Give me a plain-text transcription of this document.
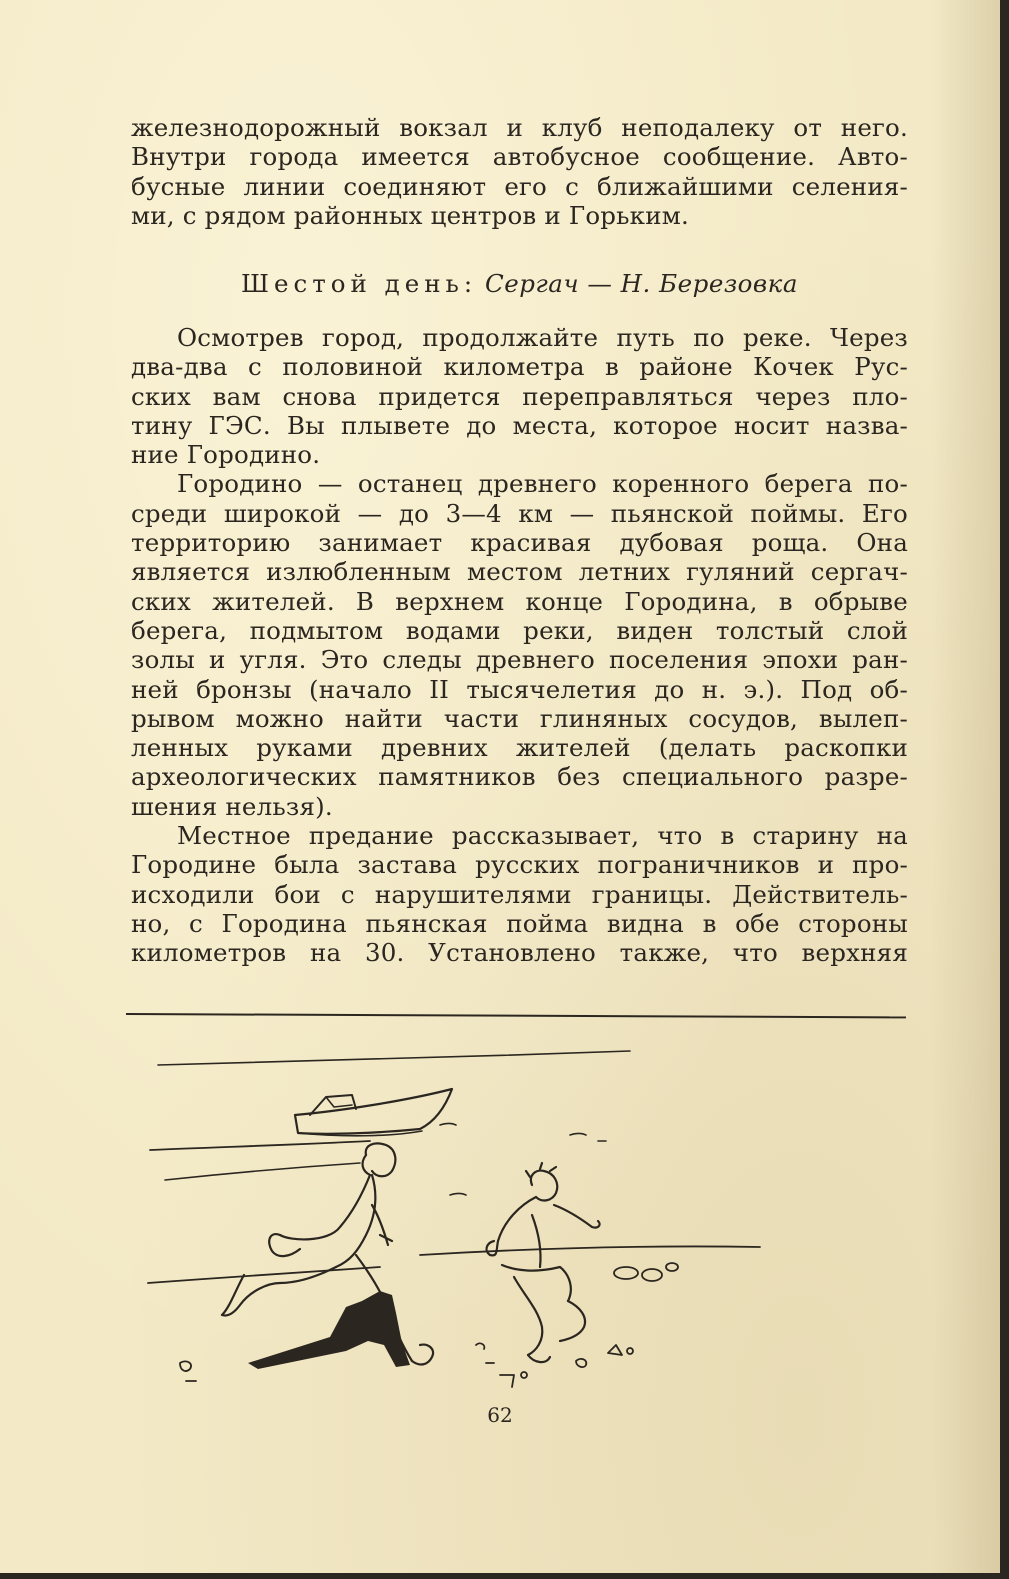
железнодорожный вокзал и клуб неподалеку от него.
Внутри города имеется автобусное сообщение. Авто-
бусные линии соединяют его с ближайшими селения-
ми, с рядом районных центров и Горьким.

Шестой день: Сергач — Н. Березовка

Осмотрев город, продолжайте путь по реке. Через
два-два с половиной километра в районе Кочек Рус-
ских вам снова придется переправляться через пло-
тину ГЭС. Вы плывете до места, которое носит назва-
ние Городино.

Городино — останец древнего коренного берега по-
среди широкой — до 3—4 км — пьянской поймы. Его
территорию занимает красивая дубовая роща. Она
является излюбленным местом летних гуляний сергач-
ских жителей. В верхнем конце Городина, в обрыве
берега, подмытом водами реки, виден толстый слой
золы и угля. Это следы древнего поселения эпохи ран-
ней бронзы (начало II тысячелетия до н. э.). Под об-
рывом можно найти части глиняных сосудов, вылеп-
ленных руками древних жителей (делать раскопки
археологических памятников без специального разре-
шения нельзя).

Местное предание рассказывает, что в старину на
Городине была застава русских пограничников и про-
исходили бои с нарушителями границы. Действитель-
но, с Городина пьянская пойма видна в обе стороны
километров на 30. Установлено также, что верхняя

62
